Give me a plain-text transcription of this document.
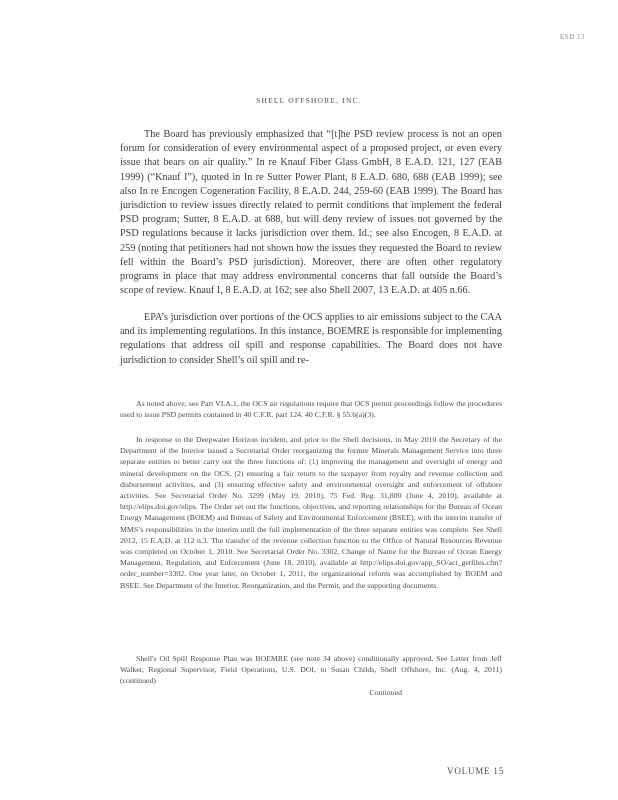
ESD 13
SHELL OFFSHORE, INC.

The Board has previously emphasized that “[t]he PSD review process is not an open forum for consideration of every environmental aspect of a proposed project, or even every issue that bears on air quality.” In re Knauf Fiber Glass GmbH, 8 E.A.D. 121, 127 (EAB 1999) (“Knauf I”), quoted in In re Sutter Power Plant, 8 E.A.D. 680, 688 (EAB 1999); see also In re Encogen Cogeneration Facility, 8 E.A.D. 244, 259-60 (EAB 1999). The Board has jurisdiction to review issues directly related to permit conditions that implement the federal PSD program; Sutter, 8 E.A.D. at 688, but will deny review of issues not governed by the PSD regulations because it lacks jurisdiction over them. Id.; see also Encogen, 8 E.A.D. at 259 (noting that petitioners had not shown how the issues they requested the Board to review fell within the Board’s PSD jurisdiction). Moreover, there are often other regulatory programs in place that may address environmental concerns that fall outside the Board’s scope of review. Knauf I, 8 E.A.D. at 162; see also Shell 2007, 13 E.A.D. at 405 n.66.

EPA’s jurisdiction over portions of the OCS applies to air emissions subject to the CAA and its implementing regulations. In this instance, BOEMRE is responsible for implementing regulations that address oil spill and response capabilities. The Board does not have jurisdiction to consider Shell’s oil spill and re-

As noted above, see Part VI.A.1, the OCS air regulations require that OCS permit proceedings follow the procedures used to issue PSD permits contained in 40 C.F.R. part 124. 40 C.F.R. § 55.6(a)(3).

In response to the Deepwater Horizon incident, and prior to the Shell decisions, in May 2010 the Secretary of the Department of the Interior issued a Secretarial Order reorganizing the former Minerals Management Service into three separate entities to better carry out the three functions of: (1) improving the management and oversight of energy and mineral development on the OCS, (2) ensuring a fair return to the taxpayer from royalty and revenue collection and disbursement activities, and (3) ensuring effective safety and environmental oversight and enforcement of offshore activities. See Secretarial Order No. 3299 (May 19, 2010), 75 Fed. Reg. 31,800 (June 4, 2010), available at http://elips.doi.gov/elips. The Order set out the functions, objectives, and reporting relationships for the Bureau of Ocean Energy Management (BOEM) and Bureau of Safety and Environmental Enforcement (BSEE), with the interim transfer of MMS’s responsibilities in the interim until the full implementation of the three separate entities was complete. See Shell 2012, 15 E.A.D. at 112 n.3. The transfer of the revenue collection function to the Office of Natural Resources Revenue was completed on October 1, 2010. See Secretarial Order No. 3302, Change of Name for the Bureau of Ocean Energy Management, Regulation, and Enforcement (June 18, 2010), available at http://elips.doi.gov/app_SO/act_getfiles.cfm?order_number=3302. One year later, on October 1, 2011, the organizational reform was accomplished by BOEM and BSEE. See Department of the Interior, Reorganization, and the Permit, and the supporting documents.

Shell's Oil Spill Response Plan was BOEMRE (see note 34 above) conditionally approved. See Letter from Jeff Walker, Regional Supervisor, Field Operations, U.S. DOI, to Susan Childs, Shell Offshore, Inc. (Aug. 4, 2011) (continued)

Continued
VOLUME 15
